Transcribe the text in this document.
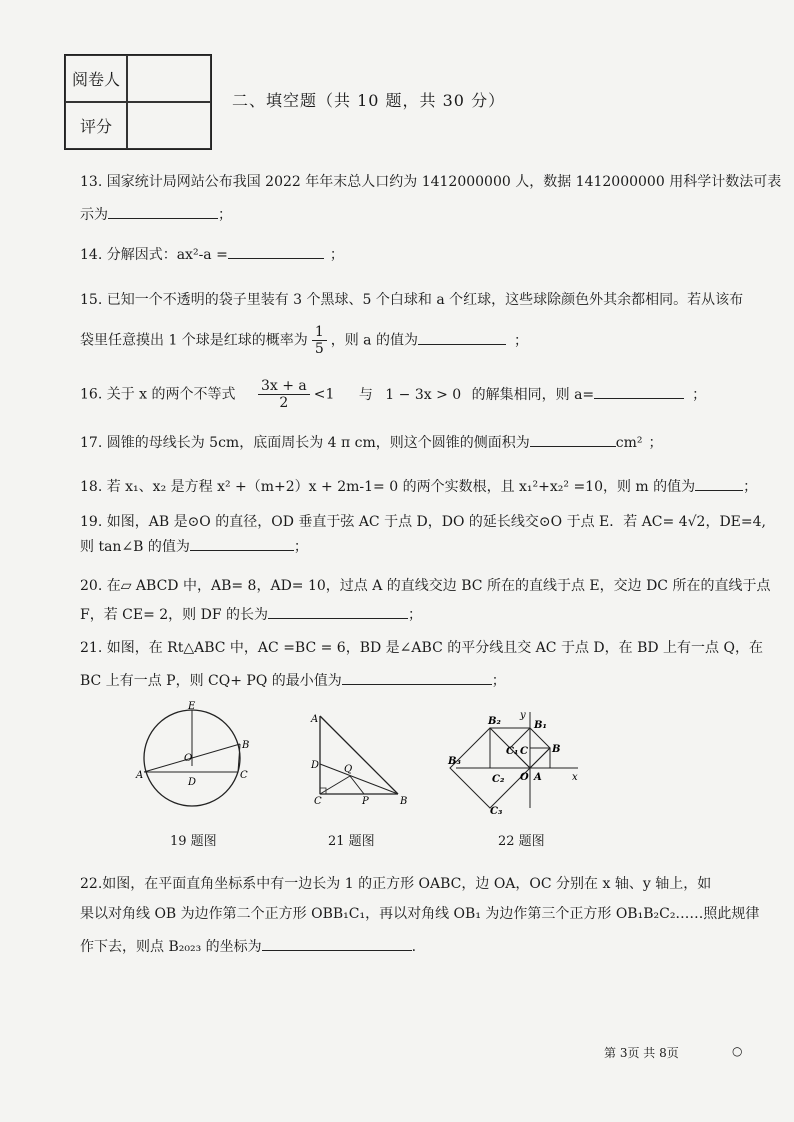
阅卷人
评分
二、填空题（共 10 题，共 30 分）
13. 国家统计局网站公布我国 2022 年年末总人口约为 1412000000 人，数据 1412000000 用科学计数法可表
示为	；
14. 分解因式：ax²-a =	；
15. 已知一个不透明的袋子里装有 3 个黑球、5 个白球和 a 个红球，这些球除颜色外其余都相同。若从该布
袋里任意摸出 1 个球是红球的概率为 $\frac{1}{5}$ ，则 a 的值为	；
16. 关于 x 的两个不等式 $\frac{3x + a}{2} <1$ 与 1 − 3x > 0 的解集相同，则 a=	；
17. 圆锥的母线长为 5cm，底面周长为 4 π cm，则这个圆锥的侧面积为	cm² ；
18. 若 x₁、x₂ 是方程 x² +（m+2）x + 2m-1= 0 的两个实数根，且 x₁²+x₂² =10，则 m 的值为	；
19. 如图，AB 是⊙O 的直径，OD 垂直于弦 AC 于点 D，DO 的延长线交⊙O 于点 E．若 AC= 4√2，DE=4,
则 tan∠B 的值为	；
20. 在▱ ABCD 中，AB= 8，AD= 10，过点 A 的直线交边 BC 所在的直线于点 E，交边 DC 所在的直线于点
F，若 CE= 2，则 DF 的长为	；
21. 如图，在 Rt△ABC 中，AC =BC = 6，BD 是∠ABC 的平分线且交 AC 于点 D，在 BD 上有一点 Q，在
BC 上有一点 P，则 CQ+ PQ 的最小值为	；
E
O
B
A
D
C
19 题图
A
D Q
C	P	B
21 题图
B₂
y
B₁
C₁ C B
B₃
C₂ O A	x
C₃
22 题图
22.如图，在平面直角坐标系中有一边长为 1 的正方形 OABC，边 OA，OC 分别在 x 轴、y 轴上，如
果以对角线 OB 为边作第二个正方形 OBB₁C₁，再以对角线 OB₁ 为边作第三个正方形 OB₁B₂C₂……照此规律
作下去，则点 B₂₀₂₃ 的坐标为	.
第 3页 共 8页	○
